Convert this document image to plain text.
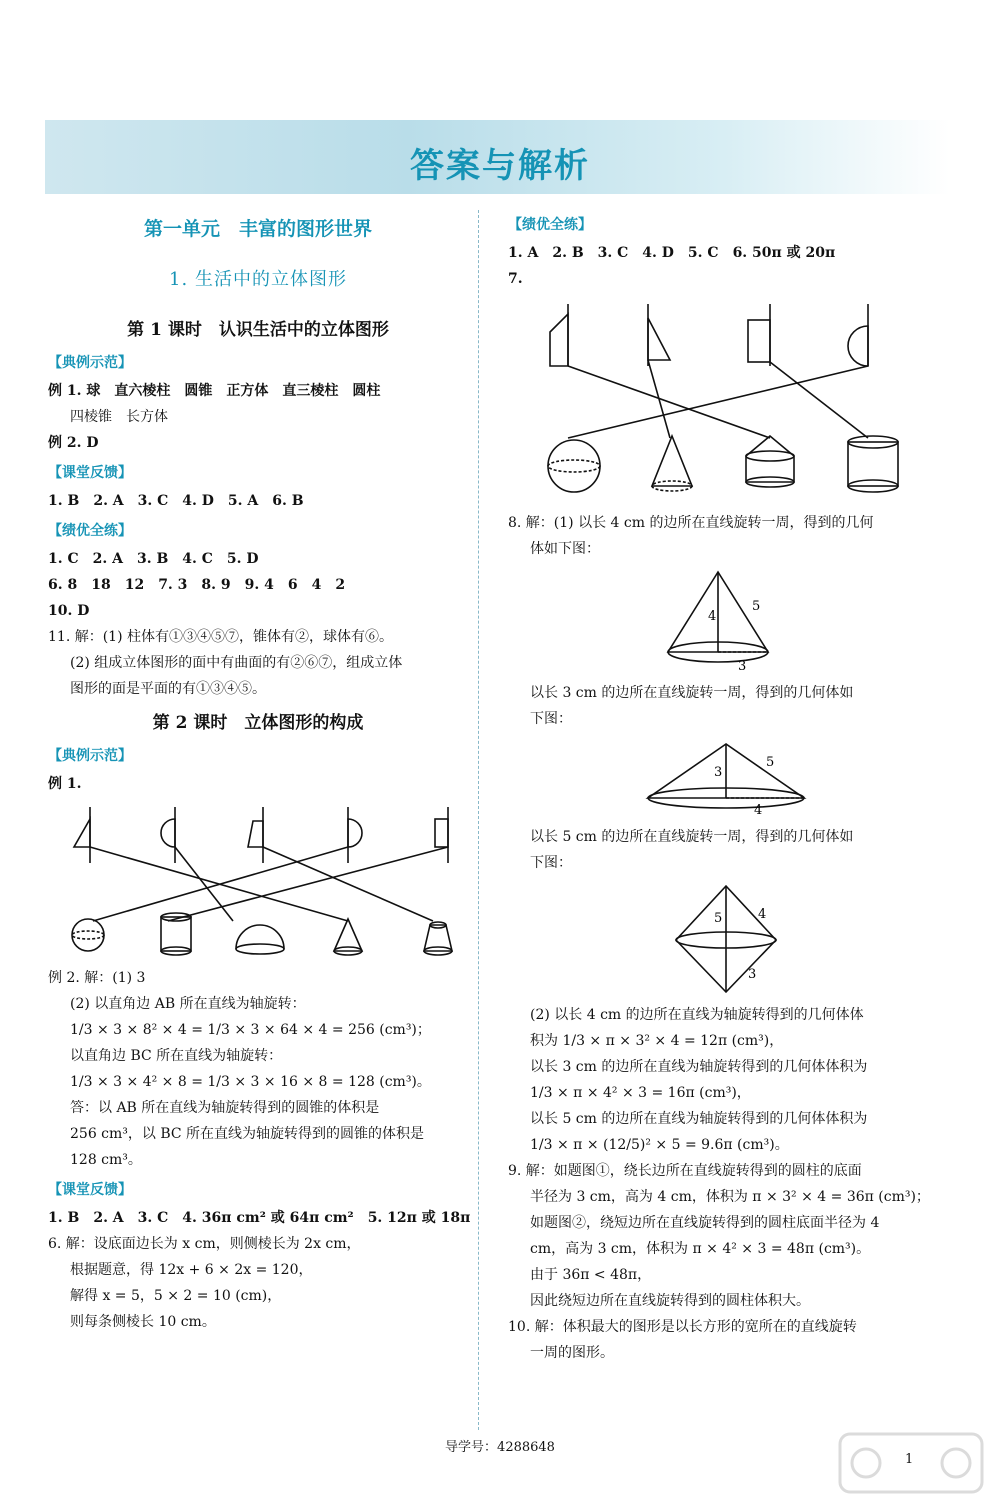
答案与解析
第一单元　丰富的图形世界
1. 生活中的立体图形
第 1 课时　认识生活中的立体图形
【典例示范】
例 1. 球　直六棱柱　圆锥　正方体　直三棱柱　圆柱
四棱锥　长方体
例 2. D
【课堂反馈】
1. B　2. A　3. C　4. D　5. A　6. B
【绩优全练】
1. C　2. A　3. B　4. C　5. D
6. 8　18　12　7. 3　8. 9　9. 4　6　4　2
10. D
11. 解：(1) 柱体有①③④⑤⑦，锥体有②，球体有⑥。
(2) 组成立体图形的面中有曲面的有②⑥⑦，组成立体
图形的面是平面的有①③④⑤。
第 2 课时　立体图形的构成
【典例示范】
例 1.
例 2. 解：(1) 3
(2) 以直角边 AB 所在直线为轴旋转：
1/3 × 3 × 8² × 4 = 1/3 × 3 × 64 × 4 = 256 (cm³)；
以直角边 BC 所在直线为轴旋转：
1/3 × 3 × 4² × 8 = 1/3 × 3 × 16 × 8 = 128 (cm³)。
答：以 AB 所在直线为轴旋转得到的圆锥的体积是
256 cm³，以 BC 所在直线为轴旋转得到的圆锥的体积是
128 cm³。
【课堂反馈】
1. B　2. A　3. C　4. 36π cm² 或 64π cm²　5. 12π 或 18π
6. 解：设底面边长为 x cm，则侧棱长为 2x cm，
根据题意，得 12x + 6 × 2x = 120，
解得 x = 5，5 × 2 = 10 (cm)，
则每条侧棱长 10 cm。
【绩优全练】
1. A　2. B　3. C　4. D　5. C　6. 50π 或 20π
7.
8. 解：(1) 以长 4 cm 的边所在直线旋转一周，得到的几何
体如下图：
4
5
3
以长 3 cm 的边所在直线旋转一周，得到的几何体如
下图：
3
5
4
以长 5 cm 的边所在直线旋转一周，得到的几何体如
下图：
5	4
3
(2) 以长 4 cm 的边所在直线为轴旋转得到的几何体体
积为 1/3 × π × 3² × 4 = 12π (cm³)，
以长 3 cm 的边所在直线为轴旋转得到的几何体体积为
1/3 × π × 4² × 3 = 16π (cm³)，
以长 5 cm 的边所在直线为轴旋转得到的几何体体积为
1/3 × π × (12/5)² × 5 = 9.6π (cm³)。
9. 解：如题图①，绕长边所在直线旋转得到的圆柱的底面
半径为 3 cm，高为 4 cm，体积为 π × 3² × 4 = 36π (cm³)；
如题图②，绕短边所在直线旋转得到的圆柱底面半径为 4
cm，高为 3 cm，体积为 π × 4² × 3 = 48π (cm³)。
由于 36π < 48π，
因此绕短边所在直线旋转得到的圆柱体积大。
10. 解：体积最大的图形是以长方形的宽所在的直线旋转
一周的图形。
导学号：4288648
1
